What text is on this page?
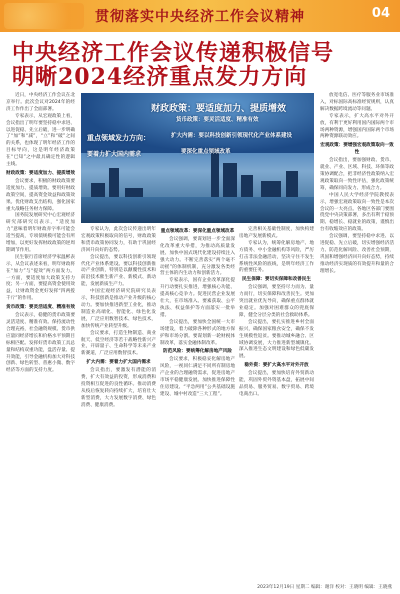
贯彻落实中央经济工作会议精神	04
中央经济工作会议传递积极信号
明晰2024经济重点发力方向

近日，中央经济工作会议在北京举行。此次会议对2024年的经济工作作出了全面部署。

专家表示，从宏观政策上看，会议指出了明年要坚持稳中求进、以进促稳、先立后破，进一步明确了“加”和“减”，“立”和“破”之间的关系，也体现了明年经济工作的目标导向，这是明年经济政策在“已知”之中最具确定性的逻辑主线。

财政政策：要适度加力、提质增效

会议要求，积极的财政政策要适度加力、提质增效。要用好财政政策空间，提高资金效益和政策效果。优化财政支出结构，强化国家重大战略任务财力保障。

国务院发展研究中心宏观经济研究部研究员表示，“适度加力”意味着明年财政赤字率可能会适当提高，专项债规模可能会有所增加，以更好发挥财政政策的逆周期调节作用。

民生银行首席经济学家温彬表示，从会议表述来看，明年财政将在“加力”与“提效”两方面发力。一方面，要适度加大政策支持力度；另一方面，要提高资金使用效益，让财政资金更好发挥“四两拨千斤”的作用。

货币政策：要灵活适度、精准有效

会议表示，稳健的货币政策要灵活适度、精准有效。保持流动性合理充裕，社会融资规模、货币供应量同经济增长和价格水平预期目标相匹配。发挥好货币政策工具总量和结构双重功能，盘活存量、提升效能，引导金融机构加大对科技创新、绿色转型、普惠小微、数字经济等方面的支持力度。

财政政策：要适度加力、提质增效
货币政策：要灵活适度、精准有效
重点领域发力方向：	扩大内需：要以科技创新引领现代化产业体系建设
要着力扩大国内需求	要深化重点领域改革

专家认为，此次会议传递出明年宏观政策积极取向的信号，财政政策和货币政策协同发力，有助于巩固经济回升向好的态势。

会议提出，要以科技创新引领现代化产业体系建设。要以科技创新推动产业创新，特别是以颠覆性技术和前沿技术催生新产业、新模式、新动能，发展新质生产力。

中国宏观经济研究院研究员表示，科技创新是推动产业升级的核心动力。要加快推进新型工业化，推动制造业高端化、智能化、绿色化发展，广泛应用数智技术、绿色技术，加快传统产业转型升级。

会议要求，打造生物制造、商业航天、低空经济等若干战略性新兴产业，开辟量子、生命科学等未来产业新赛道，广泛应用数智技术。

扩大内需：要着力扩大国内需求

会议指出，要激发有潜能的消费，扩大有效益的投资，形成消费和投资相互促进的良性循环。推动消费从疫后恢复转向持续扩大，培育壮大新型消费，大力发展数字消费、绿色消费、健康消费。

重点领域改革：要深化重点领域改革

会议强调，要谋划进一步全面深化改革重大举措，为推动高质量发展、加快中国式现代化建设持续注入强大动力。不断完善落实“两个毫不动摇”的体制机制，充分激发各类经营主体的内生动力和创新活力。

专家表示，国有企业改革深化提升行动要扎实推进，增强核心功能、提高核心竞争力。促进民营企业发展壮大，在市场准入、要素获取、公平执法、权益保护等方面落实一批举措。

会议提出，要加快全国统一大市场建设，着力破除各种形式的地方保护和市场分割。要谋划新一轮财税体制改革，落实金融体制改革。

防范风险：要统筹化解房地产风险

会议要求，积极稳妥化解房地产风险，一视同仁满足不同所有制房地产企业的合理融资需求，促进房地产市场平稳健康发展。加快推进保障性住房建设、“平急两用”公共基础设施建设、城中村改造“三大工程”。

完善相关基础性制度，加快构建房地产发展新模式。

专家认为，统筹化解房地产、地方债务、中小金融机构等风险，严厉打击非法金融活动，坚决守住不发生系统性风险的底线，是明年经济工作的重要任务。

民生保障：要切实保障和改善民生

会议强调，要坚持尽力而为、量力而行，切实保障和改善民生。更加突出就业优先导向，确保重点群体就业稳定。加强对困难群众的兜底保障，健全分层分类的社会救助体系。

会议提出，要扎实推进乡村全面振兴，确保国家粮食安全，确保不发生规模性返贫。要推动城乡融合、区域协调发展，大力推进新型城镇化。深入推进生态文明建设和绿色低碳发展。

稳外资：要扩大高水平对外开放

会议提出，要加快培育外贸新动能，巩固外贸外资基本盘，拓展中间品贸易、服务贸易、数字贸易、跨境电商出口。

放宽电信、医疗等服务业市场准入，对标国际高标准经贸规则，认真解决数据跨境流动等问题。

专家表示，扩大高水平对外开放，有利于更好利用国内国际两个市场两种资源，增强国内国际两个市场两种资源联动效应。

宏观政策：要增强宏观政策取向一致性

会议指出，要加强财政、货币、就业、产业、区域、科技、环保等政策协调配合，把非经济性政策纳入宏观政策取向一致性评估，强化政策统筹，确保同向发力、形成合力。

中国人民大学经济学院教授表示，增强宏观政策取向一致性是本次会议的一大亮点。各地区各部门要围绕党中央决策部署，多出有利于稳预期、稳增长、稳就业的政策，谨慎出台有收缩效应的政策。

会议强调，要坚持稳中求进、以进促稳、先立后破，切实增强经济活力、防范化解风险、改善社会预期，巩固和增强经济回升向好态势，持续推动经济实现质的有效提升和量的合理增长。

2023年12月19日 星期二 编辑：谢洋 校对：王晓明 编辑：王晓燕
